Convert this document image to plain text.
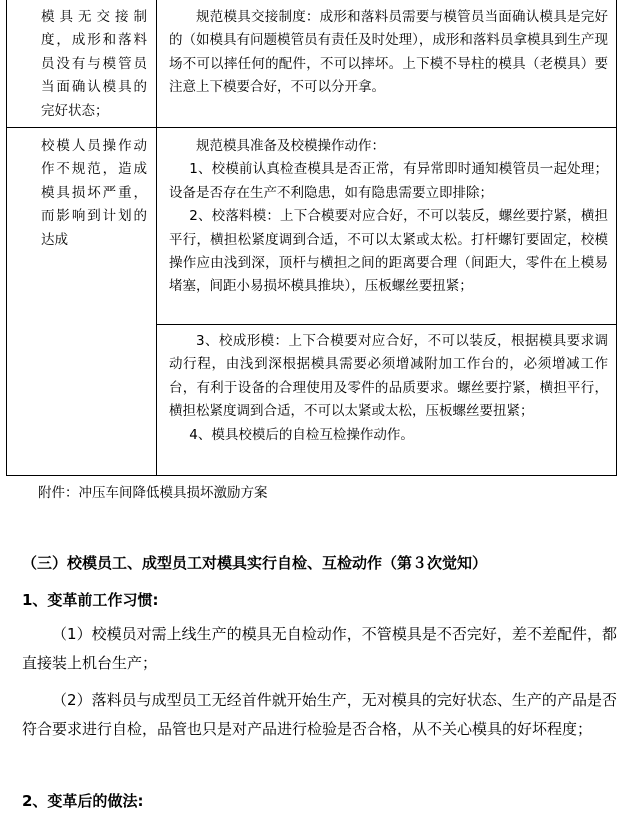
模具无交接制度，成形和落料员没有与模管员当面确认模具的完好状态；

规范模具交接制度：成形和落料员需要与模管员当面确认模具是完好的（如模具有问题模管员有责任及时处理），成形和落料员拿模具到生产现场不可以摔任何的配件，不可以摔坏。上下模不导柱的模具（老模具）要注意上下模要合好，不可以分开拿。

校模人员操作动作不规范，造成模具损坏严重，而影响到计划的达成

规范模具准备及校模操作动作：

1、校模前认真检查模具是否正常，有异常即时通知模管员一起处理；设备是否存在生产不利隐患，如有隐患需要立即排除；

2、校落料模：上下合模要对应合好，不可以装反，螺丝要拧紧，横担平行，横担松紧度调到合适，不可以太紧或太松。打杆螺钉要固定，校模操作应由浅到深，顶杆与横担之间的距离要合理（间距大，零件在上模易堵塞，间距小易损坏模具推块），压板螺丝要扭紧；

3、校成形模：上下合模要对应合好，不可以装反，根据模具要求调动行程，由浅到深根据模具需要必须增减附加工作台的，必须增减工作台，有利于设备的合理使用及零件的品质要求。螺丝要拧紧，横担平行，横担松紧度调到合适，不可以太紧或太松，压板螺丝要扭紧；

4、模具校模后的自检互检操作动作。

附件：冲压车间降低模具损坏激励方案
（三）校模员工、成型员工对模具实行自检、互检动作（第３次觉知）
1、变革前工作习惯:
（1）校模员对需上线生产的模具无自检动作，不管模具是不否完好，差不差配件，都直接装上机台生产；
（2）落料员与成型员工无经首件就开始生产，无对模具的完好状态、生产的产品是否符合要求进行自检，品管也只是对产品进行检验是否合格，从不关心模具的好坏程度；
2、变革后的做法:
